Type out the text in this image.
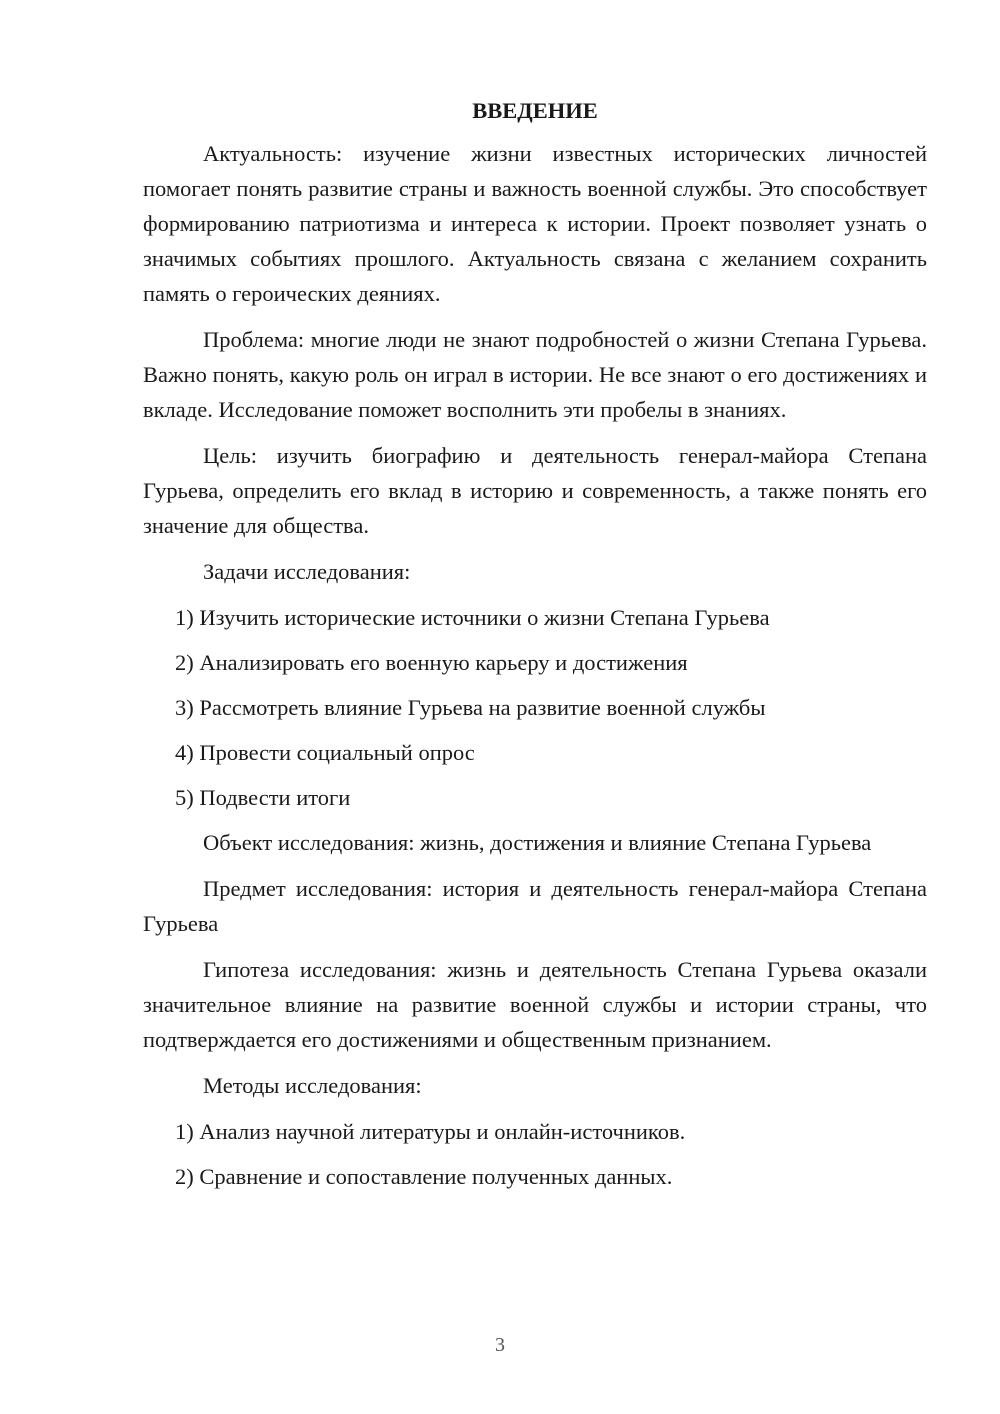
ВВЕДЕНИЕ

Актуальность: изучение жизни известных исторических личностей помогает понять развитие страны и важность военной службы. Это способствует формированию патриотизма и интереса к истории. Проект позволяет узнать о значимых событиях прошлого. Актуальность связана с желанием сохранить память о героических деяниях.

Проблема: многие люди не знают подробностей о жизни Степана Гурьева. Важно понять, какую роль он играл в истории. Не все знают о его достижениях и вкладе. Исследование поможет восполнить эти пробелы в знаниях.

Цель: изучить биографию и деятельность генерал-майора Степана Гурьева, определить его вклад в историю и современность, а также понять его значение для общества.

Задачи исследования:

1) Изучить исторические источники о жизни Степана Гурьева
2) Анализировать его военную карьеру и достижения
3) Рассмотреть влияние Гурьева на развитие военной службы
4) Провести социальный опрос
5) Подвести итоги

Объект исследования: жизнь, достижения и влияние Степана Гурьева

Предмет исследования: история и деятельность генерал-майора Степана Гурьева

Гипотеза исследования: жизнь и деятельность Степана Гурьева оказали значительное влияние на развитие военной службы и истории страны, что подтверждается его достижениями и общественным признанием.

Методы исследования:

1) Анализ научной литературы и онлайн-источников.
2) Сравнение и сопоставление полученных данных.
3
